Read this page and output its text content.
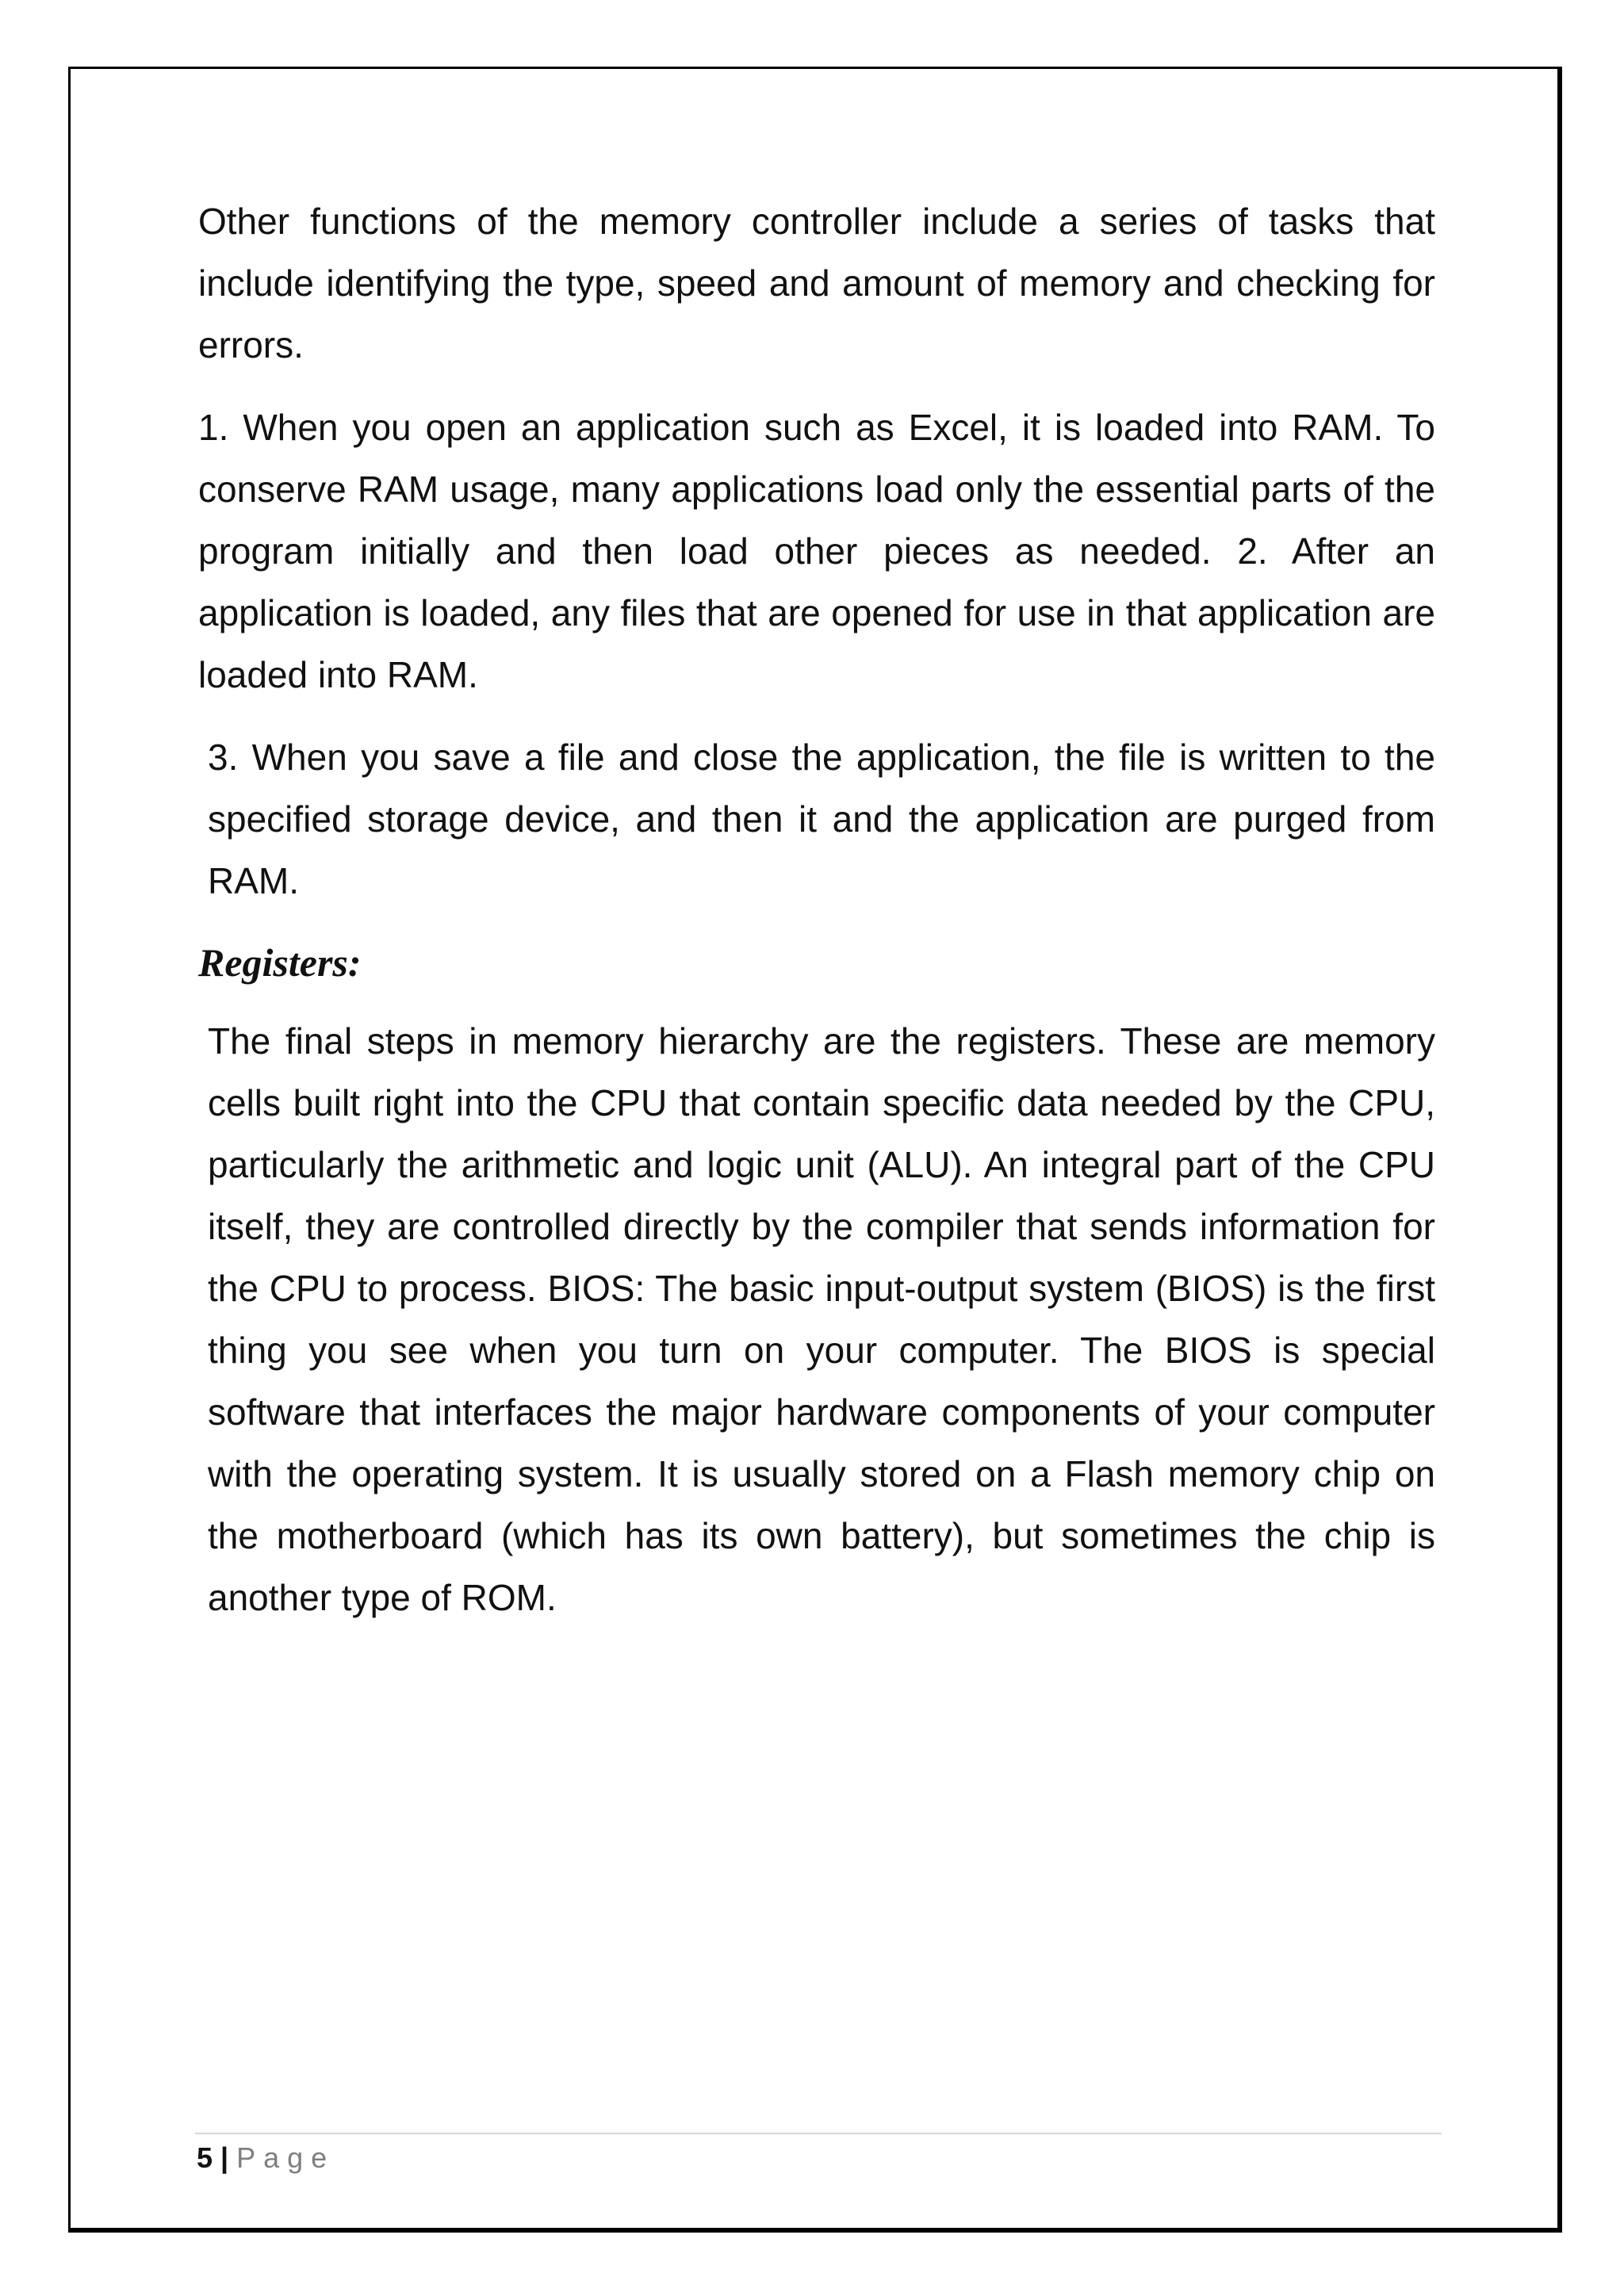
Other functions of the memory controller include a series of tasks that include identifying the type, speed and amount of memory and checking for errors.

1. When you open an application such as Excel, it is loaded into RAM. To conserve RAM usage, many applications load only the essential parts of the program initially and then load other pieces as needed. 2. After an application is loaded, any files that are opened for use in that application are loaded into RAM.

3. When you save a file and close the application, the file is written to the specified storage device, and then it and the application are purged from RAM.

Registers:

The final steps in memory hierarchy are the registers. These are memory cells built right into the CPU that contain specific data needed by the CPU, particularly the arithmetic and logic unit (ALU). An integral part of the CPU itself, they are controlled directly by the compiler that sends information for the CPU to process. BIOS: The basic input-output system (BIOS) is the first thing you see when you turn on your computer. The BIOS is special software that interfaces the major hardware components of your computer with the operating system. It is usually stored on a Flash memory chip on the motherboard (which has its own battery), but sometimes the chip is another type of ROM.

5 | Page
